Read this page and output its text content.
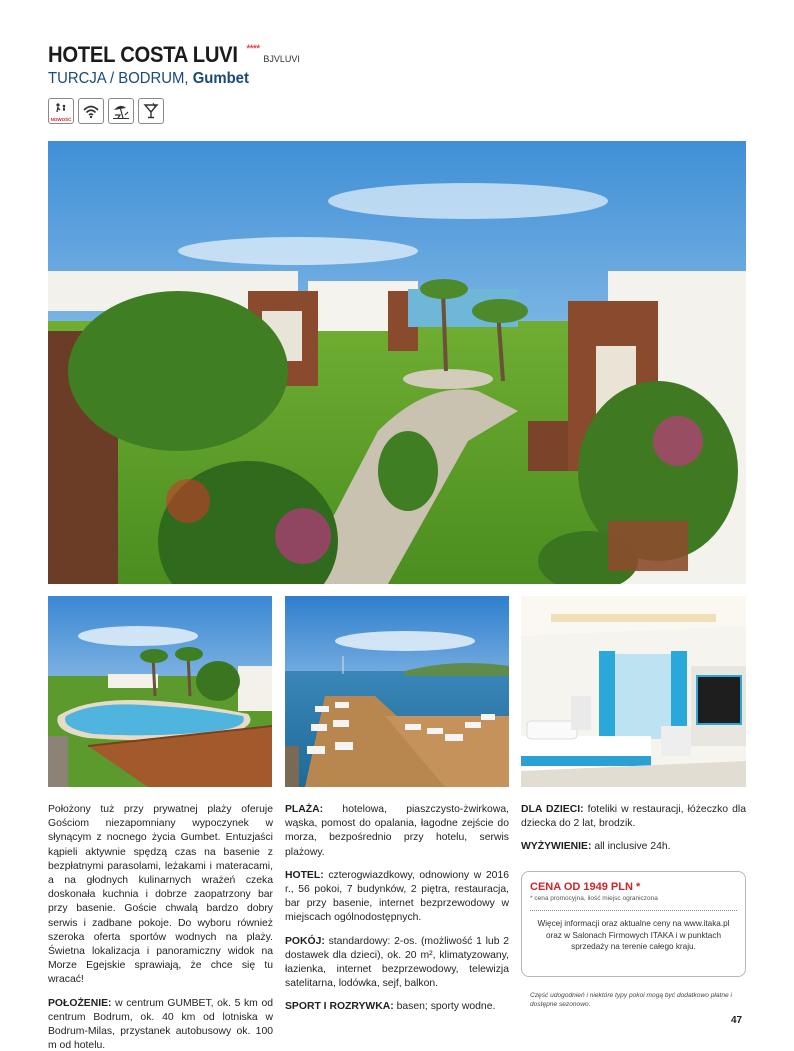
HOTEL COSTA LUVI ****
BJVLUVI
TURCJA / BODRUM, Gumbet
NOWOŚĆ

Położony tuż przy prywatnej plaży oferuje Gościom niezapomniany wypoczynek w słynącym z nocnego życia Gumbet. Entuzjaści kąpieli aktywnie spędzą czas na basenie z bezpłatnymi parasolami, leżakami i materacami, a na głodnych kulinarnych wrażeń czeka doskonała kuchnia i dobrze zaopatrzony bar przy basenie. Goście chwalą bardzo dobry serwis i zadbane pokoje. Do wyboru również szeroka oferta sportów wodnych na plaży. Świetna lokalizacja i panoramiczny widok na Morze Egejskie sprawiają, że chce się tu wracać!

POŁOŻENIE: w centrum GUMBET, ok. 5 km od centrum Bodrum, ok. 40 km od lotniska w Bodrum-Milas, przystanek autobusowy ok. 100 m od hotelu.

PLAŻA: hotelowa, piaszczysto-żwirkowa, wąska, pomost do opalania, łagodne zejście do morza, bezpośrednio przy hotelu, serwis plażowy.

HOTEL: czterogwiazdkowy, odnowiony w 2016 r., 56 pokoi, 7 budynków, 2 piętra, restauracja, bar przy basenie, internet bezprzewodowy w miejscach ogólnodostępnych.

POKÓJ: standardowy: 2-os. (możliwość 1 lub 2 dostawek dla dzieci), ok. 20 m², klimatyzowany, łazienka, internet bezprzewodowy, telewizja satelitarna, lodówka, sejf, balkon.

SPORT I ROZRYWKA: basen; sporty wodne.

DLA DZIECI: foteliki w restauracji, łóżeczko dla dziecka do 2 lat, brodzik.

WYŻYWIENIE: all inclusive 24h.

CENA OD 1949 PLN *
* cena promocyjna, ilość miejsc ograniczona
Więcej informacji oraz aktualne ceny na www.itaka.pl oraz w Salonach Firmowych ITAKA i w punktach sprzedaży na terenie całego kraju.
Część udogodnień i niektóre typy pokoi mogą być dodatkowo płatne i dostępne sezonowo.
47
